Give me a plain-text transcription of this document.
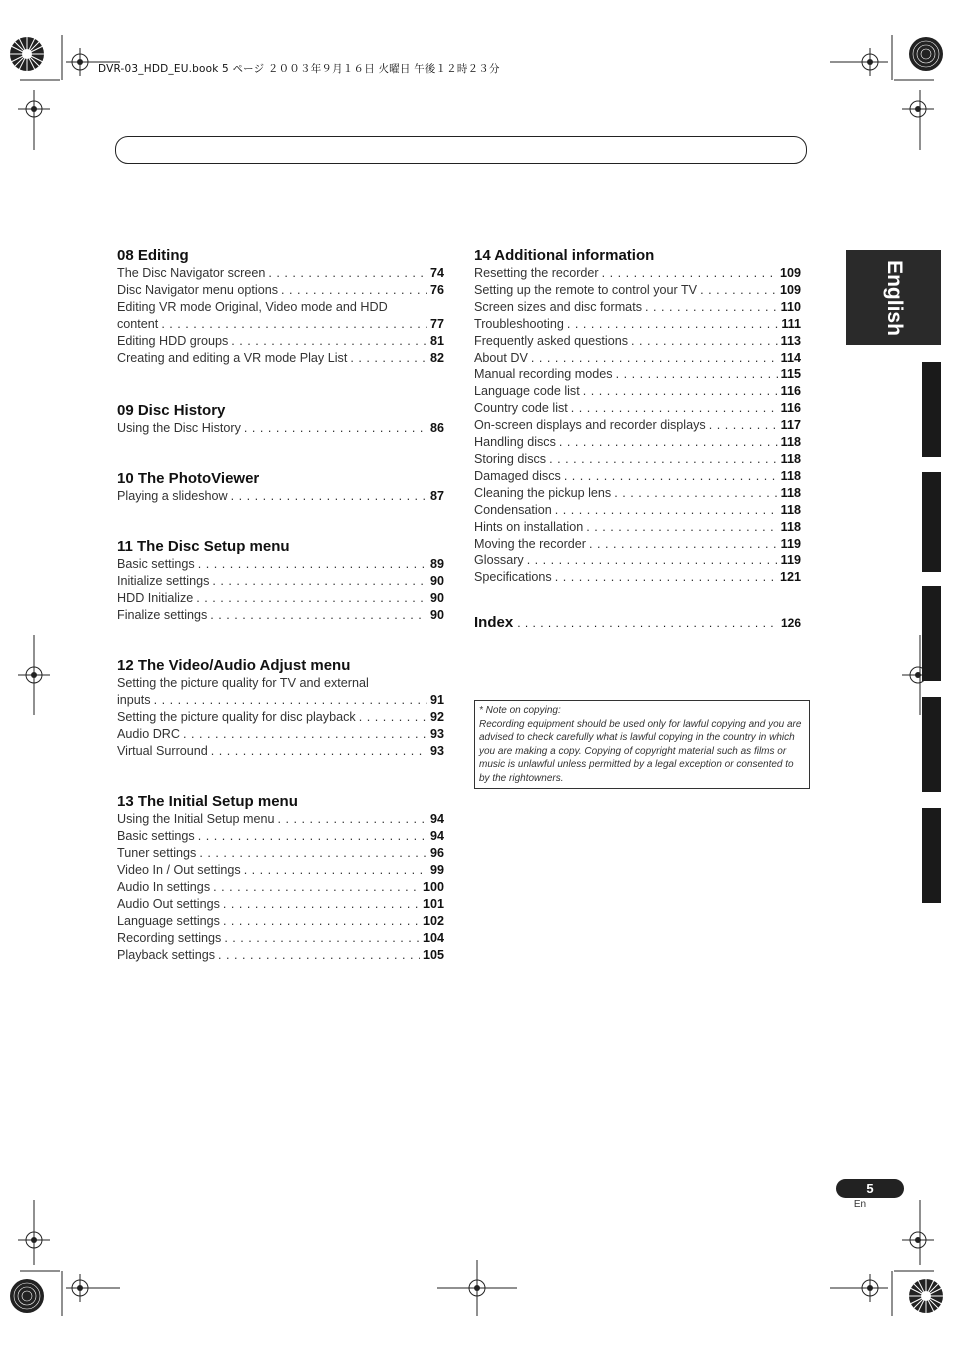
DVR-03_HDD_EU.book 5 ページ ２００３年９月１６日 火曜日 午後１２時２３分
08 Editing
The Disc Navigator screen . . .	74
Disc Navigator menu options . . .	76
Editing VR mode Original, Video mode and HDD
content . . .	77
Editing HDD groups . . .	81
Creating and editing a VR mode Play List . . .	82
09 Disc History
Using the Disc History . . .	86
10 The PhotoViewer
Playing a slideshow . . .	87
11 The Disc Setup menu
Basic settings . . .	89
Initialize settings . . .	90
HDD Initialize . . .	90
Finalize settings . . .	90
12 The Video/Audio Adjust menu
Setting the picture quality for TV and external
inputs . . .	91
Setting the picture quality for disc playback . . .	92
Audio DRC . . .	93
Virtual Surround . . .	93
13 The Initial Setup menu
Using the Initial Setup menu . . .	94
Basic settings . . .	94
Tuner settings . . .	96
Video In / Out settings . . .	99
Audio In settings . . .	100
Audio Out settings . . .	101
Language settings . . .	102
Recording settings . . .	104
Playback settings . . .	105
14 Additional information
Resetting the recorder . . .	109
Setting up the remote to control your TV . . .	109
Screen sizes and disc formats . . .	110
Troubleshooting . . .	111
Frequently asked questions . . .	113
About DV . . .	114
Manual recording modes . . .	115
Language code list . . .	116
Country code list . . .	116
On-screen displays and recorder displays . . .	117
Handling discs . . .	118
Storing discs . . .	118
Damaged discs . . .	118
Cleaning the pickup lens . . .	118
Condensation . . .	118
Hints on installation . . .	118
Moving the recorder . . .	119
Glossary . . .	119
Specifications . . .	121
Index . . .	126
* Note on copying:
Recording equipment should be used only for lawful copying and you are advised to check carefully what is lawful copying in the country in which you are making a copy. Copying of copyright material such as films or music is unlawful unless permitted by a legal exception or consented to by the rightowners.
English
5
En
